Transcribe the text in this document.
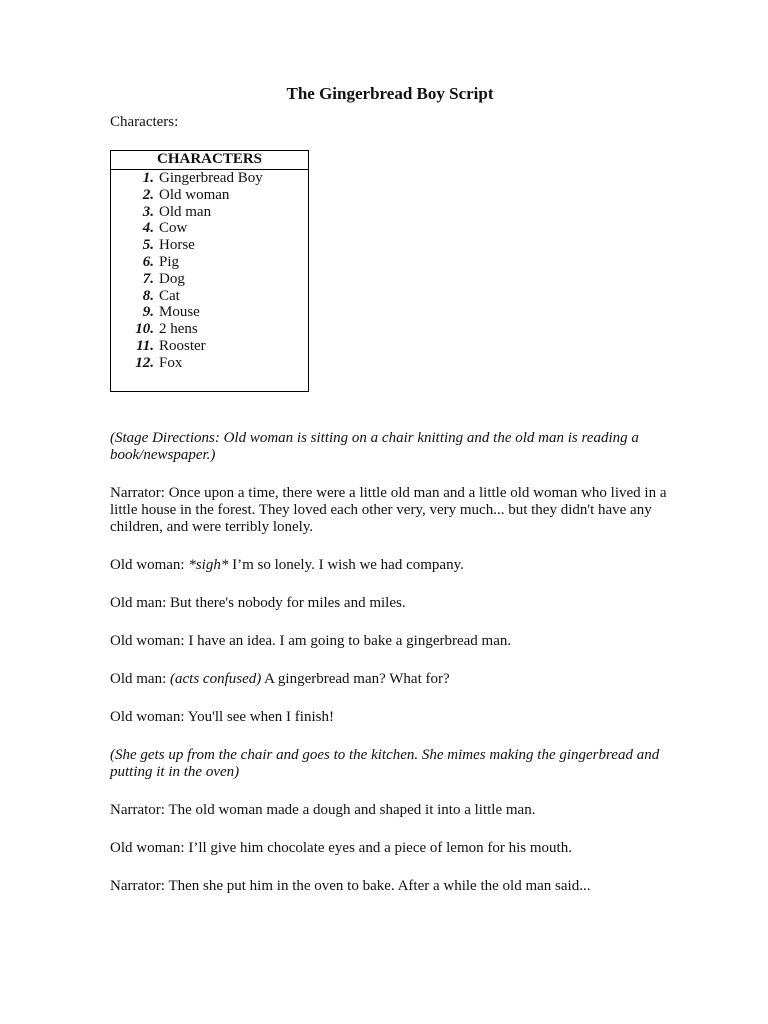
The Gingerbread Boy Script

Characters:

CHARACTERS
1. Gingerbread Boy
2. Old woman
3. Old man
4. Cow
5. Horse
6. Pig
7. Dog
8. Cat
9. Mouse
10. 2 hens
11. Rooster
12. Fox

(Stage Directions: Old woman is sitting on a chair knitting and the old man is reading a book/newspaper.)

Narrator: Once upon a time, there were a little old man and a little old woman who lived in a little house in the forest. They loved each other very, very much... but they didn't have any children, and were terribly lonely.

Old woman: *sigh* I’m so lonely. I wish we had company.

Old man: But there's nobody for miles and miles.

Old woman: I have an idea. I am going to bake a gingerbread man.

Old man: (acts confused) A gingerbread man? What for?

Old woman: You'll see when I finish!

(She gets up from the chair and goes to the kitchen. She mimes making the gingerbread and putting it in the oven)

Narrator: The old woman made a dough and shaped it into a little man.

Old woman: I’ll give him chocolate eyes and a piece of lemon for his mouth.

Narrator: Then she put him in the oven to bake. After a while the old man said...
